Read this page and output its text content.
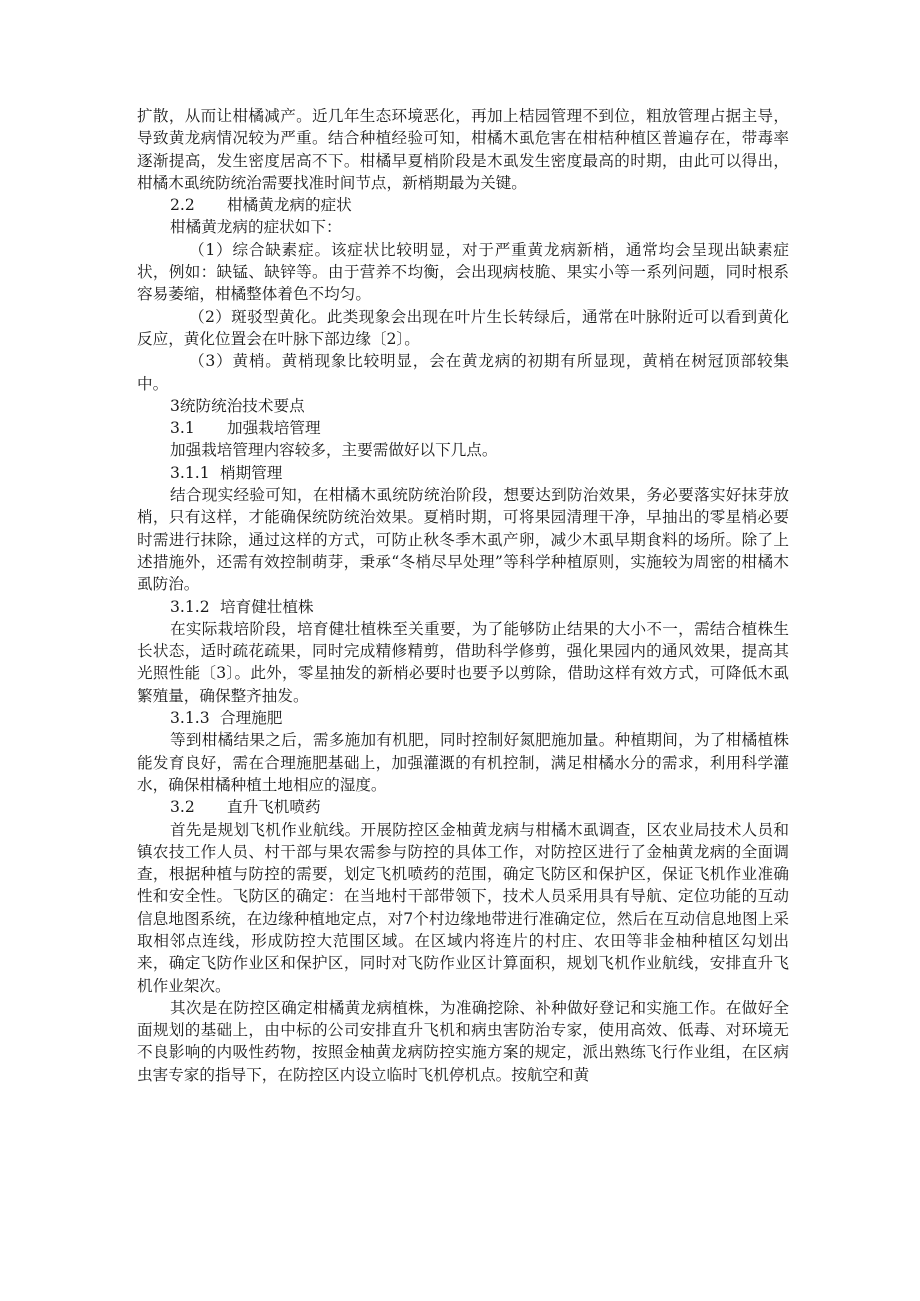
扩散，从而让柑橘减产。近几年生态环境恶化，再加上桔园管理不到位，粗放管理占据主导，导致黄龙病情况较为严重。结合种植经验可知，柑橘木虱危害在柑桔种植区普遍存在，带毒率逐渐提高，发生密度居高不下。柑橘早夏梢阶段是木虱发生密度最高的时期，由此可以得出，柑橘木虱统防统治需要找准时间节点，新梢期最为关键。

2.2 柑橘黄龙病的症状

柑橘黄龙病的症状如下：

（1）综合缺素症。该症状比较明显，对于严重黄龙病新梢，通常均会呈现出缺素症状，例如：缺锰、缺锌等。由于营养不均衡，会出现病枝脆、果实小等一系列问题，同时根系容易萎缩，柑橘整体着色不均匀。

（2）斑驳型黄化。此类现象会出现在叶片生长转绿后，通常在叶脉附近可以看到黄化反应，黄化位置会在叶脉下部边缘〔2〕。

（3）黄梢。黄梢现象比较明显，会在黄龙病的初期有所显现，黄梢在树冠顶部较集中。

3统防统治技术要点

3.1 加强栽培管理

加强栽培管理内容较多，主要需做好以下几点。

3.1.1 梢期管理

结合现实经验可知，在柑橘木虱统防统治阶段，想要达到防治效果，务必要落实好抹芽放梢，只有这样，才能确保统防统治效果。夏梢时期，可将果园清理干净，早抽出的零星梢必要时需进行抹除，通过这样的方式，可防止秋冬季木虱产卵，减少木虱早期食料的场所。除了上述措施外，还需有效控制萌芽，秉承“冬梢尽早处理”等科学种植原则，实施较为周密的柑橘木虱防治。

3.1.2 培育健壮植株

在实际栽培阶段，培育健壮植株至关重要，为了能够防止结果的大小不一，需结合植株生长状态，适时疏花疏果，同时完成精修精剪，借助科学修剪，强化果园内的通风效果，提高其光照性能〔3〕。此外，零星抽发的新梢必要时也要予以剪除，借助这样有效方式，可降低木虱繁殖量，确保整齐抽发。

3.1.3 合理施肥

等到柑橘结果之后，需多施加有机肥，同时控制好氮肥施加量。种植期间，为了柑橘植株能发育良好，需在合理施肥基础上，加强灌溉的有机控制，满足柑橘水分的需求，利用科学灌水，确保柑橘种植土地相应的湿度。

3.2 直升飞机喷药

首先是规划飞机作业航线。开展防控区金柚黄龙病与柑橘木虱调查，区农业局技术人员和镇农技工作人员、村干部与果农需参与防控的具体工作，对防控区进行了金柚黄龙病的全面调查，根据种植与防控的需要，划定飞机喷药的范围，确定飞防区和保护区，保证飞机作业准确性和安全性。飞防区的确定：在当地村干部带领下，技术人员采用具有导航、定位功能的互动信息地图系统，在边缘种植地定点，对7个村边缘地带进行准确定位，然后在互动信息地图上采取相邻点连线，形成防控大范围区域。在区域内将连片的村庄、农田等非金柚种植区勾划出来，确定飞防作业区和保护区，同时对飞防作业区计算面积，规划飞机作业航线，安排直升飞机作业架次。

其次是在防控区确定柑橘黄龙病植株，为准确挖除、补种做好登记和实施工作。在做好全面规划的基础上，由中标的公司安排直升飞机和病虫害防治专家，使用高效、低毒、对环境无不良影响的内吸性药物，按照金柚黄龙病防控实施方案的规定，派出熟练飞行作业组，在区病虫害专家的指导下，在防控区内设立临时飞机停机点。按航空和黄
